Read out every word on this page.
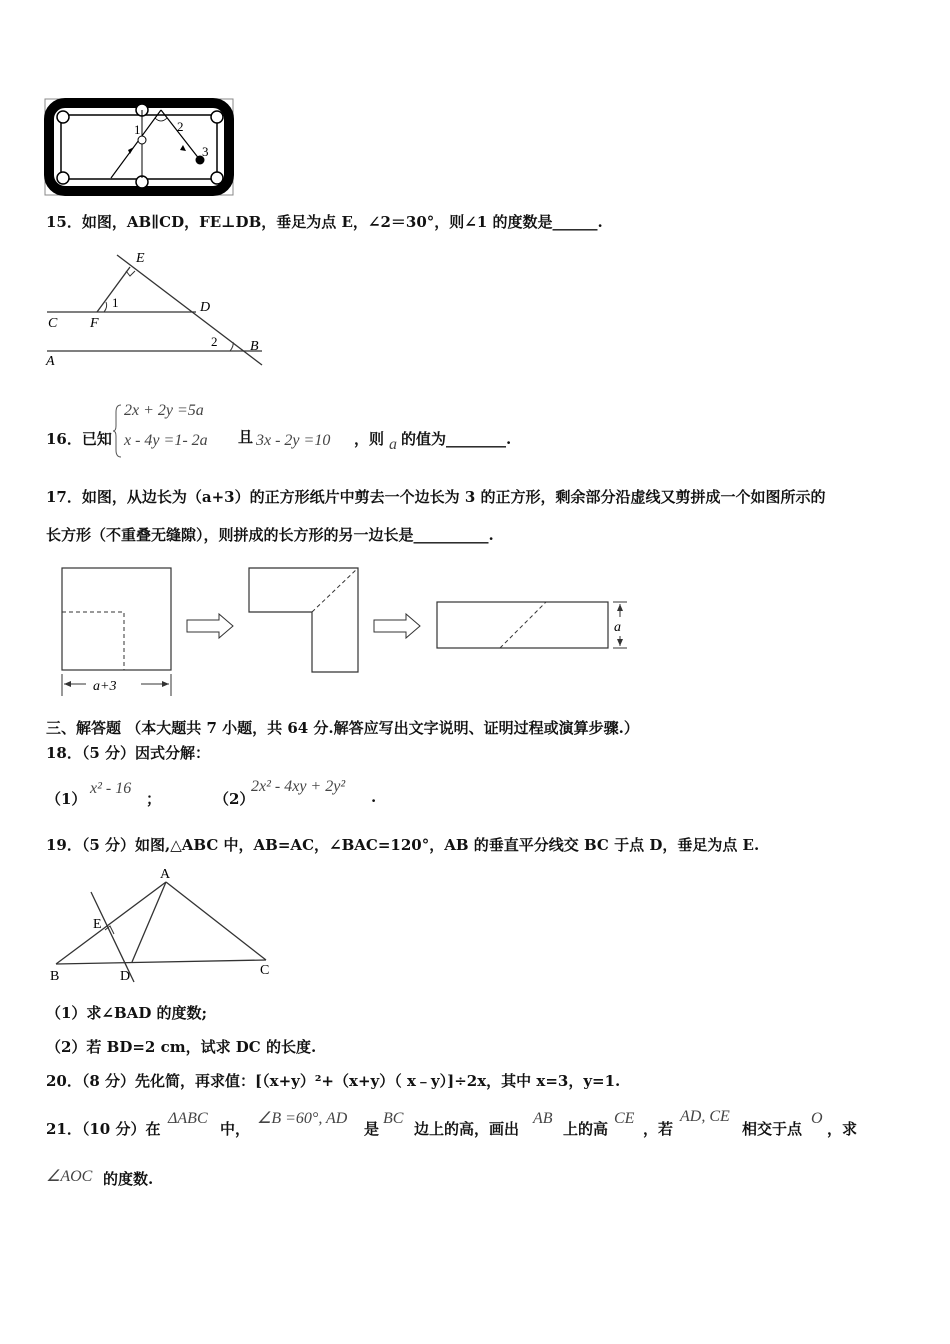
1	2
3
15．如图，AB∥CD，FE⊥DB，垂足为点 E，∠2＝30°，则∠1 的度数是______.
E
D
C F
A
B
1
2
16．已知
2x + 2y =5a
x - 4y =1- 2a 且 3x - 2y =10 ，则 a 的值为________.
17．如图，从边长为（a+3）的正方形纸片中剪去一个边长为 3 的正方形，剩余部分沿虚线又剪拼成一个如图所示的
长方形（不重叠无缝隙），则拼成的长方形的另一边长是__________.
a+3
a
三、解答题 （本大题共 7 小题，共 64 分.解答应写出文字说明、证明过程或演算步骤.）
18．（5 分）因式分解：
（1）
x² - 16
；	（2）
2x² - 4xy + 2y²
.
19．（5 分）如图,△ABC 中，AB=AC，∠BAC=120°，AB 的垂直平分线交 BC 于点 D，垂足为点 E.
A
E
B	D	C
（1）求∠BAD 的度数;
（2）若 BD=2 cm，试求 DC 的长度.
20．（8 分）先化简，再求值：[（x+y）²+（x+y）（ x﹣y）]÷2x，其中 x=3，y=1.
21．（10 分）在
ΔABC
中，
∠B =60°, AD
是
BC
边上的高，画出
AB
上的高
CE
，若
AD, CE
相交于点
O
，求
∠AOC 的度数.
